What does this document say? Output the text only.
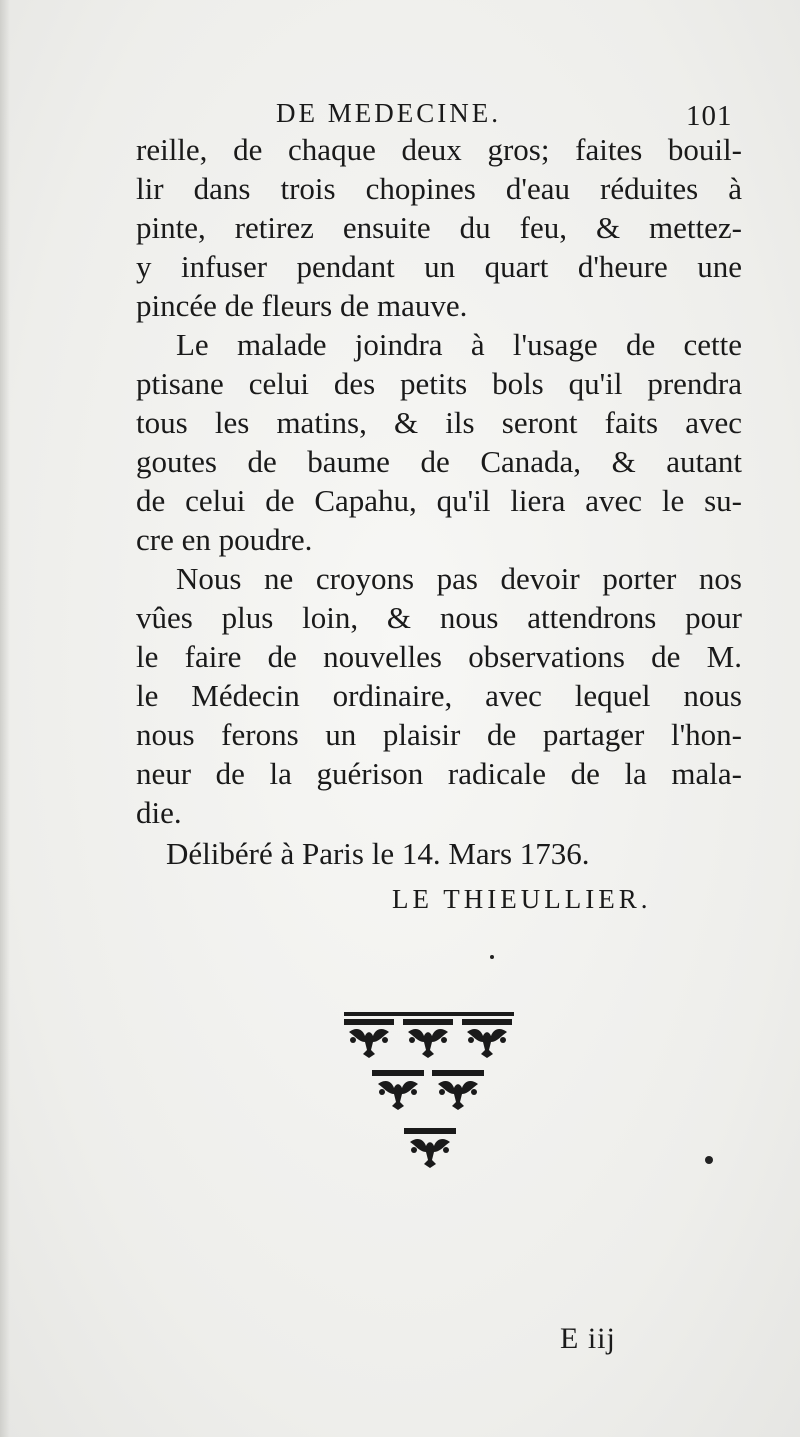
DE MEDECINE.	101
reille, de chaque deux gros; faites bouil-
lir dans trois chopines d'eau réduites à
pinte, retirez ensuite du feu, & mettez-
y infuser pendant un quart d'heure une
pincée de fleurs de mauve.
Le malade joindra à l'usage de cette
ptisane celui des petits bols qu'il prendra
tous les matins, & ils seront faits avec
goutes de baume de Canada, & autant
de celui de Capahu, qu'il liera avec le su-
cre en poudre.
Nous ne croyons pas devoir porter nos
vûes plus loin, & nous attendrons pour
le faire de nouvelles observations de M.
le Médecin ordinaire, avec lequel nous
nous ferons un plaisir de partager l'hon-
neur de la guérison radicale de la mala-
die.
Délibéré à Paris le 14. Mars 1736.
LE THIEULLIER.
E iij
